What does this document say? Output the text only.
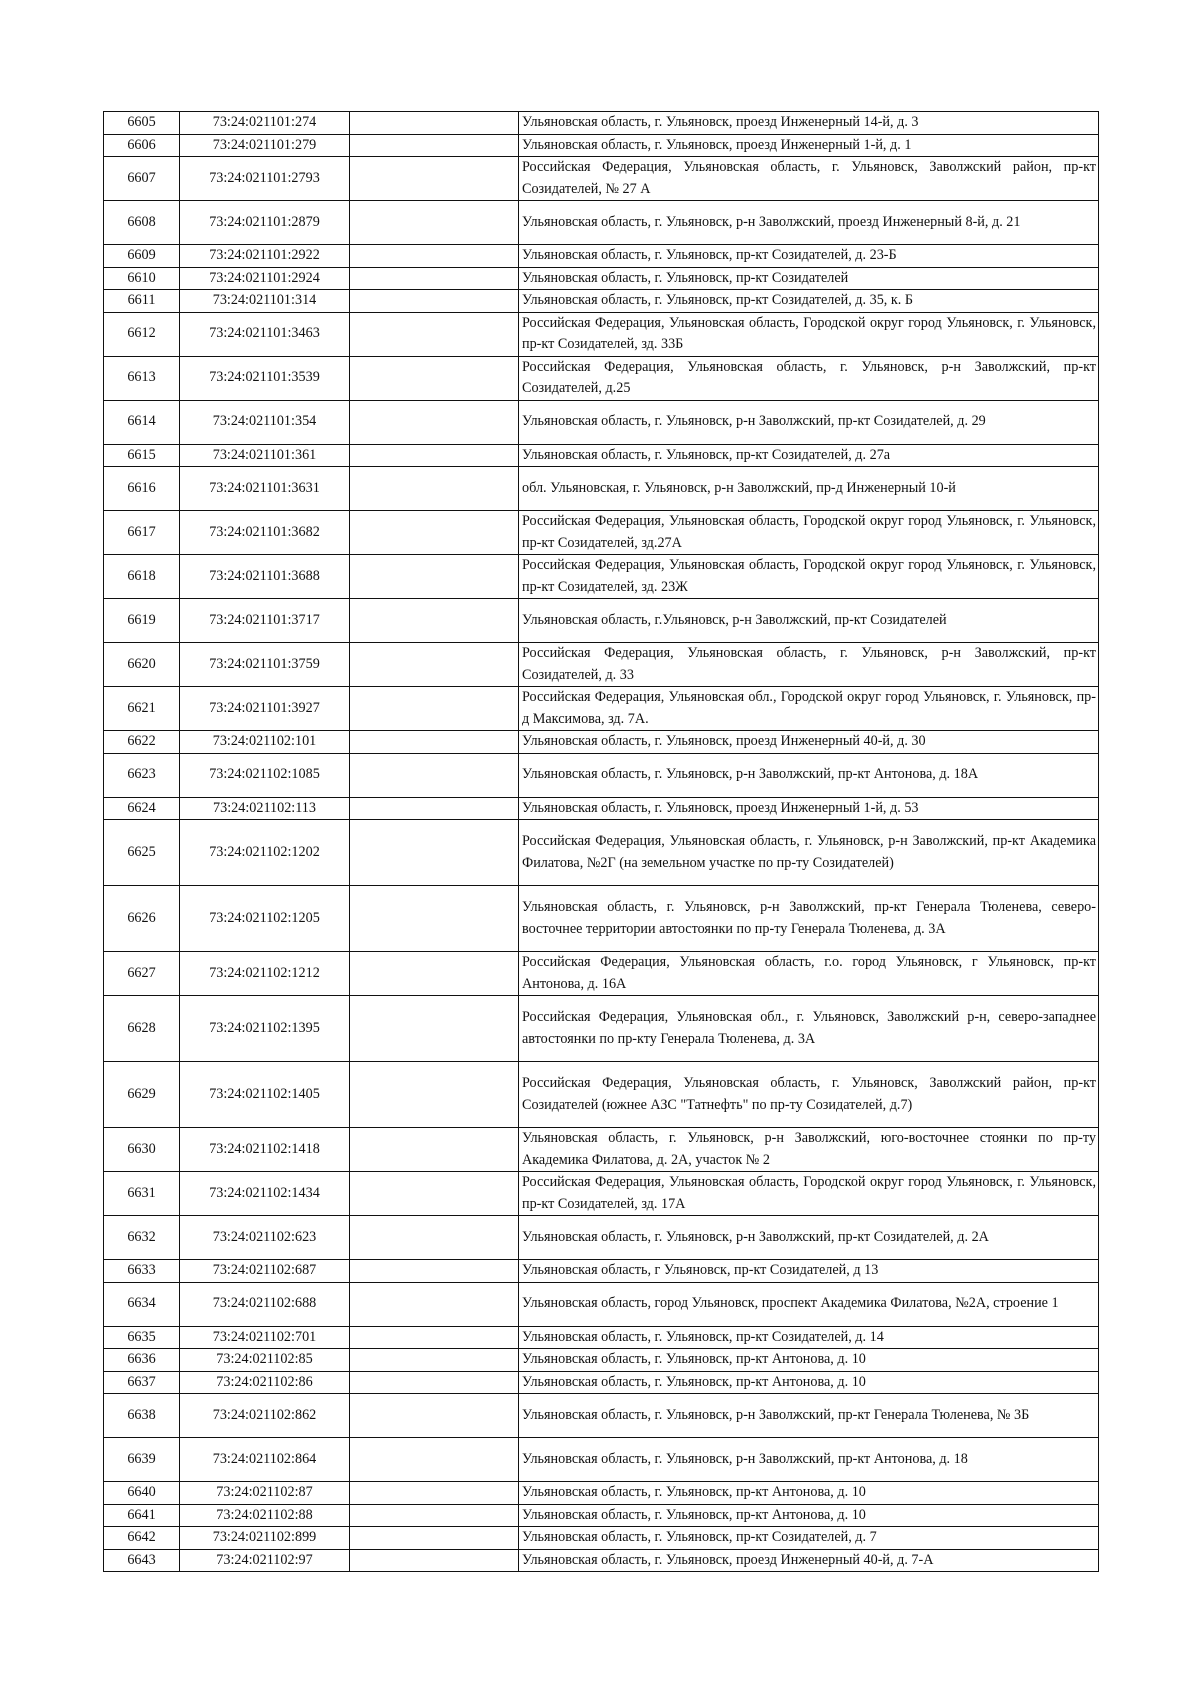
6605	73:24:021101:274		Ульяновская область, г. Ульяновск, проезд Инженерный 14-й, д. 3
6606	73:24:021101:279		Ульяновская область, г. Ульяновск, проезд Инженерный 1-й, д. 1
6607	73:24:021101:2793		Российская Федерация, Ульяновская область, г. Ульяновск, Заволжский район, пр-кт Созидателей, № 27 А
6608	73:24:021101:2879		Ульяновская область, г. Ульяновск, р-н Заволжский, проезд Инженерный 8-й, д. 21
6609	73:24:021101:2922		Ульяновская область, г. Ульяновск, пр-кт Созидателей, д. 23-Б
6610	73:24:021101:2924		Ульяновская область, г. Ульяновск, пр-кт Созидателей
6611	73:24:021101:314		Ульяновская область, г. Ульяновск, пр-кт Созидателей, д. 35, к. Б
6612	73:24:021101:3463		Российская Федерация, Ульяновская область, Городской округ город Ульяновск, г. Ульяновск, пр-кт Созидателей, зд. 33Б
6613	73:24:021101:3539		Российская Федерация, Ульяновская область, г. Ульяновск, р-н Заволжский, пр-кт Созидателей, д.25
6614	73:24:021101:354		Ульяновская область, г. Ульяновск, р-н Заволжский, пр-кт Созидателей, д. 29
6615	73:24:021101:361		Ульяновская область, г. Ульяновск, пр-кт Созидателей, д. 27а
6616	73:24:021101:3631		обл. Ульяновская, г. Ульяновск, р-н Заволжский, пр-д Инженерный 10-й
6617	73:24:021101:3682		Российская Федерация, Ульяновская область, Городской округ город Ульяновск, г. Ульяновск, пр-кт Созидателей, зд.27А
6618	73:24:021101:3688		Российская Федерация, Ульяновская область, Городской округ город Ульяновск, г. Ульяновск, пр-кт Созидателей, зд. 23Ж
6619	73:24:021101:3717		Ульяновская область, г.Ульяновск, р-н Заволжский, пр-кт Созидателей
6620	73:24:021101:3759		Российская Федерация, Ульяновская область, г. Ульяновск, р-н Заволжский, пр-кт Созидателей, д. 33
6621	73:24:021101:3927		Российская Федерация, Ульяновская обл., Городской округ город Ульяновск, г. Ульяновск, пр-д Максимова, зд. 7А.
6622	73:24:021102:101		Ульяновская область, г. Ульяновск, проезд Инженерный 40-й, д. 30
6623	73:24:021102:1085		Ульяновская область, г. Ульяновск, р-н Заволжский, пр-кт Антонова, д. 18А
6624	73:24:021102:113		Ульяновская область, г. Ульяновск, проезд Инженерный 1-й, д. 53
6625	73:24:021102:1202		Российская Федерация, Ульяновская область, г. Ульяновск, р-н Заволжский, пр-кт Академика Филатова, №2Г (на земельном участке по пр-ту Созидателей)
6626	73:24:021102:1205		Ульяновская область, г. Ульяновск, р-н Заволжский, пр-кт Генерала Тюленева, северо-восточнее территории автостоянки по пр-ту Генерала Тюленева, д. 3А
6627	73:24:021102:1212		Российская Федерация, Ульяновская область, г.о. город Ульяновск, г Ульяновск, пр-кт Антонова, д. 16А
6628	73:24:021102:1395		Российская Федерация, Ульяновская обл., г. Ульяновск, Заволжский р-н, северо-западнее автостоянки по пр-кту Генерала Тюленева, д. 3А
6629	73:24:021102:1405		Российская Федерация, Ульяновская область, г. Ульяновск, Заволжский район, пр-кт Созидателей (южнее АЗС "Татнефть" по пр-ту Созидателей, д.7)
6630	73:24:021102:1418		Ульяновская область, г. Ульяновск, р-н Заволжский, юго-восточнее стоянки по пр-ту Академика Филатова, д. 2А, участок № 2
6631	73:24:021102:1434		Российская Федерация, Ульяновская область, Городской округ город Ульяновск, г. Ульяновск, пр-кт Созидателей, зд. 17А
6632	73:24:021102:623		Ульяновская область, г. Ульяновск, р-н Заволжский, пр-кт Созидателей, д. 2А
6633	73:24:021102:687		Ульяновская область, г Ульяновск, пр-кт Созидателей, д 13
6634	73:24:021102:688		Ульяновская область, город Ульяновск, проспект Академика Филатова, №2А, строение 1
6635	73:24:021102:701		Ульяновская область, г. Ульяновск, пр-кт Созидателей, д. 14
6636	73:24:021102:85		Ульяновская область, г. Ульяновск, пр-кт Антонова, д. 10
6637	73:24:021102:86		Ульяновская область, г. Ульяновск, пр-кт Антонова, д. 10
6638	73:24:021102:862		Ульяновская область, г. Ульяновск, р-н Заволжский, пр-кт Генерала Тюленева, № 3Б
6639	73:24:021102:864		Ульяновская область, г. Ульяновск, р-н Заволжский, пр-кт Антонова, д. 18
6640	73:24:021102:87		Ульяновская область, г. Ульяновск, пр-кт Антонова, д. 10
6641	73:24:021102:88		Ульяновская область, г. Ульяновск, пр-кт Антонова, д. 10
6642	73:24:021102:899		Ульяновская область, г. Ульяновск, пр-кт Созидателей, д. 7
6643	73:24:021102:97		Ульяновская область, г. Ульяновск, проезд Инженерный 40-й, д. 7-А
